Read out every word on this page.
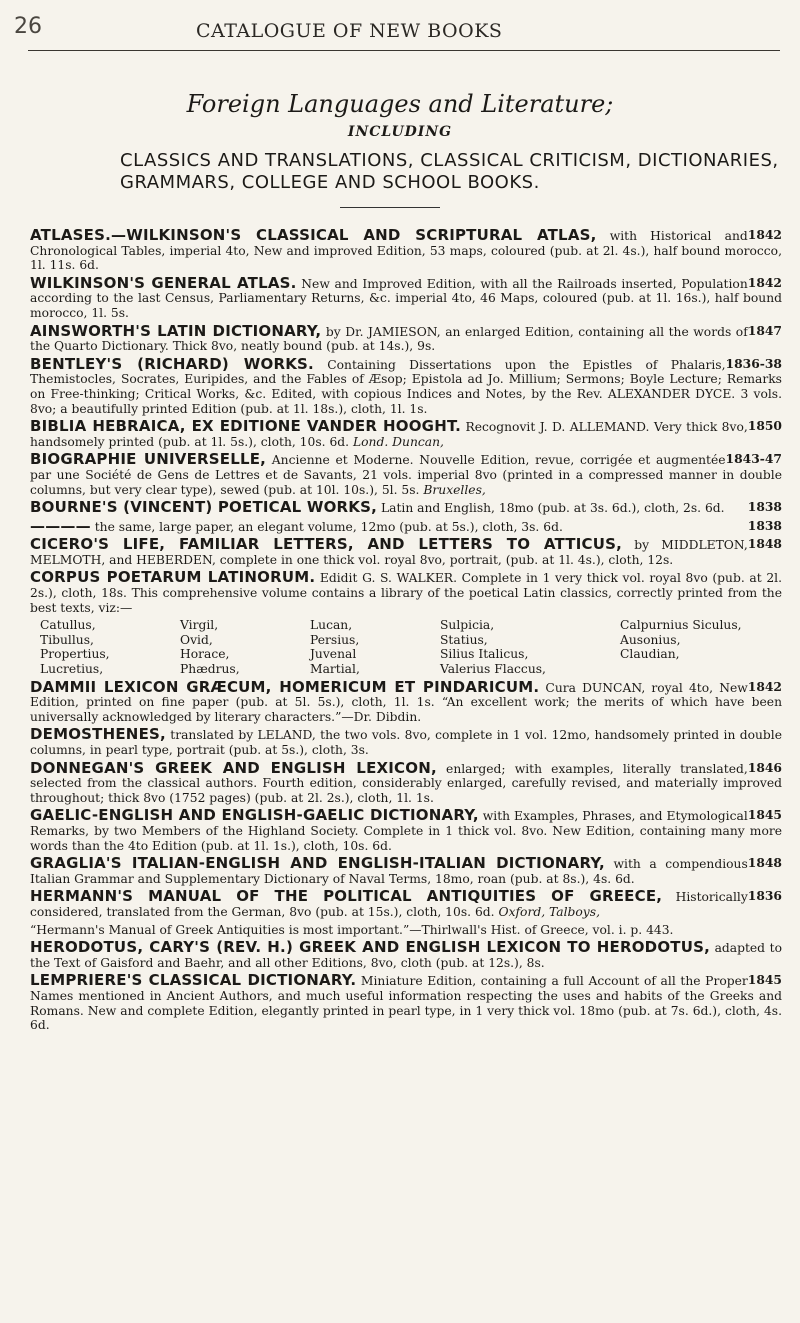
26	CATALOGUE OF NEW BOOKS
Foreign Languages and Literature;
INCLUDING
CLASSICS AND TRANSLATIONS, CLASSICAL CRITICISM, DICTIONARIES, GRAMMARS, COLLEGE AND SCHOOL BOOKS.
1842
ATLASES.—WILKINSON'S CLASSICAL AND SCRIPTURAL ATLAS, with Historical and Chronological Tables, imperial 4to, New and improved Edition, 53 maps, coloured (pub. at 2l. 4s.), half bound morocco, 1l. 11s. 6d.
1842
WILKINSON'S GENERAL ATLAS. New and Improved Edition, with all the Railroads inserted, Population according to the last Census, Parliamentary Returns, &c. imperial 4to, 46 Maps, coloured (pub. at 1l. 16s.), half bound morocco, 1l. 5s.
1847
AINSWORTH'S LATIN DICTIONARY, by Dr. JAMIESON, an enlarged Edition, containing all the words of the Quarto Dictionary. Thick 8vo, neatly bound (pub. at 14s.), 9s.
1836-38
BENTLEY'S (RICHARD) WORKS. Containing Dissertations upon the Epistles of Phalaris, Themistocles, Socrates, Euripides, and the Fables of Æsop; Epistola ad Jo. Millium; Sermons; Boyle Lecture; Remarks on Free-thinking; Critical Works, &c. Edited, with copious Indices and Notes, by the Rev. ALEXANDER DYCE. 3 vols. 8vo; a beautifully printed Edition (pub. at 1l. 18s.), cloth, 1l. 1s.
1850
BIBLIA HEBRAICA, EX EDITIONE VANDER HOOGHT. Recognovit J. D. ALLEMAND. Very thick 8vo, handsomely printed (pub. at 1l. 5s.), cloth, 10s. 6d. Lond. Duncan,
1843-47
BIOGRAPHIE UNIVERSELLE, Ancienne et Moderne. Nouvelle Edition, revue, corrigée et augmentée par une Société de Gens de Lettres et de Savants, 21 vols. imperial 8vo (printed in a compressed manner in double columns, but very clear type), sewed (pub. at 10l. 10s.), 5l. 5s. Bruxelles,
1838
BOURNE'S (VINCENT) POETICAL WORKS, Latin and English, 18mo (pub. at 3s. 6d.), cloth, 2s. 6d.
1838
———— the same, large paper, an elegant volume, 12mo (pub. at 5s.), cloth, 3s. 6d.
1848
CICERO'S LIFE, FAMILIAR LETTERS, AND LETTERS TO ATTICUS, by MIDDLETON, MELMOTH, and HEBERDEN, complete in one thick vol. royal 8vo, portrait, (pub. at 1l. 4s.), cloth, 12s.
CORPUS POETARUM LATINORUM. Edidit G. S. WALKER. Complete in 1 very thick vol. royal 8vo (pub. at 2l. 2s.), cloth, 18s. This comprehensive volume contains a library of the poetical Latin classics, correctly printed from the best texts, viz:—
Catullus,	Virgil,	Lucan,	Sulpicia,	Calpurnius Siculus,
Tibullus,	Ovid,	Persius,	Statius,	Ausonius,
Propertius,	Horace,	Juvenal	Silius Italicus,	Claudian,
Lucretius,	Phædrus,	Martial,	Valerius Flaccus,
1842
DAMMII LEXICON GRÆCUM, HOMERICUM ET PINDARICUM. Cura DUNCAN, royal 4to, New Edition, printed on fine paper (pub. at 5l. 5s.), cloth, 1l. 1s. “An excellent work; the merits of which have been universally acknowledged by literary characters.”—Dr. Dibdin.
DEMOSTHENES, translated by LELAND, the two vols. 8vo, complete in 1 vol. 12mo, handsomely printed in double columns, in pearl type, portrait (pub. at 5s.), cloth, 3s.
1846
DONNEGAN'S GREEK AND ENGLISH LEXICON, enlarged; with examples, literally translated, selected from the classical authors. Fourth edition, considerably enlarged, carefully revised, and materially improved throughout; thick 8vo (1752 pages) (pub. at 2l. 2s.), cloth, 1l. 1s.
1845
GAELIC-ENGLISH AND ENGLISH-GAELIC DICTIONARY, with Examples, Phrases, and Etymological Remarks, by two Members of the Highland Society. Complete in 1 thick vol. 8vo. New Edition, containing many more words than the 4to Edition (pub. at 1l. 1s.), cloth, 10s. 6d.
1848
GRAGLIA'S ITALIAN-ENGLISH AND ENGLISH-ITALIAN DICTIONARY, with a compendious Italian Grammar and Supplementary Dictionary of Naval Terms, 18mo, roan (pub. at 8s.), 4s. 6d.
1836
HERMANN'S MANUAL OF THE POLITICAL ANTIQUITIES OF GREECE, Historically considered, translated from the German, 8vo (pub. at 15s.), cloth, 10s. 6d. Oxford, Talboys,
“Hermann's Manual of Greek Antiquities is most important.”—Thirlwall's Hist. of Greece, vol. i. p. 443.
HERODOTUS, CARY'S (REV. H.) GREEK AND ENGLISH LEXICON TO HERODOTUS, adapted to the Text of Gaisford and Baehr, and all other Editions, 8vo, cloth (pub. at 12s.), 8s.
1845
LEMPRIERE'S CLASSICAL DICTIONARY. Miniature Edition, containing a full Account of all the Proper Names mentioned in Ancient Authors, and much useful information respecting the uses and habits of the Greeks and Romans. New and complete Edition, elegantly printed in pearl type, in 1 very thick vol. 18mo (pub. at 7s. 6d.), cloth, 4s. 6d.
